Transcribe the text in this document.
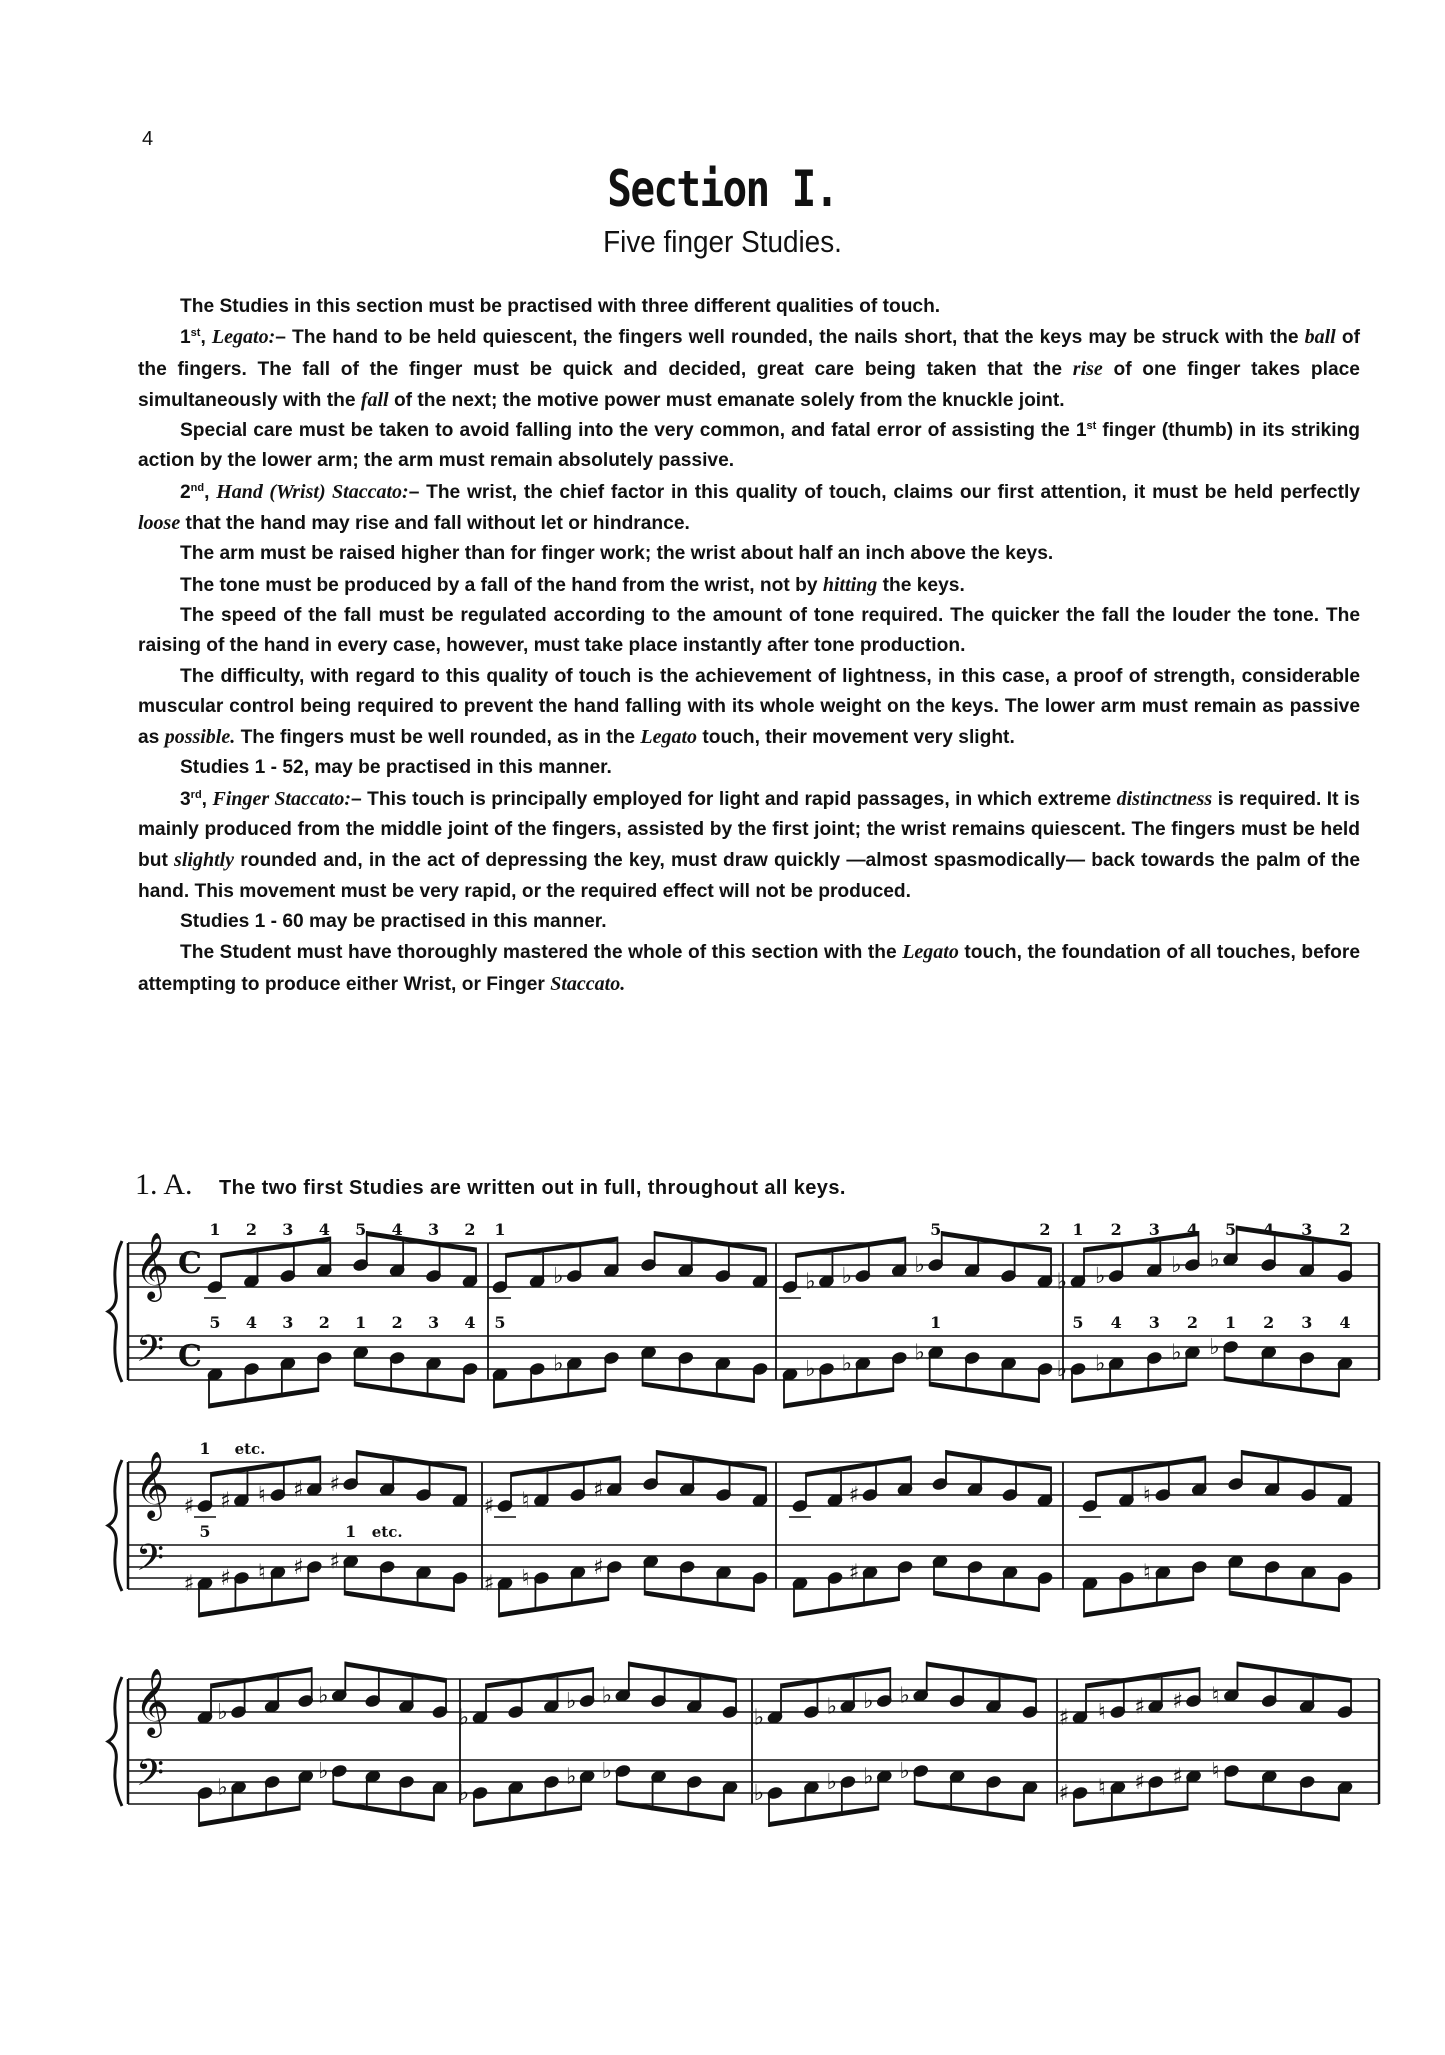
4
Section I.
Five finger Studies.

The Studies in this section must be practised with three different qualities of touch.

1st, Legato:– The hand to be held quiescent, the fingers well rounded, the nails short, that the keys may be struck with the ball of the fingers. The fall of the finger must be quick and decided, great care being taken that the rise of one finger takes place simultaneously with the fall of the next; the motive power must emanate solely from the knuckle joint.

Special care must be taken to avoid falling into the very common, and fatal error of assisting the 1st finger (thumb) in its striking action by the lower arm; the arm must remain absolutely passive.

2nd, Hand (Wrist) Staccato:– The wrist, the chief factor in this quality of touch, claims our first attention, it must be held perfectly loose that the hand may rise and fall without let or hindrance.

The arm must be raised higher than for finger work; the wrist about half an inch above the keys.

The tone must be produced by a fall of the hand from the wrist, not by hitting the keys.

The speed of the fall must be regulated according to the amount of tone required. The quicker the fall the louder the tone. The raising of the hand in every case, however, must take place instantly after tone production.

The difficulty, with regard to this quality of touch is the achievement of lightness, in this case, a proof of strength, considerable muscular control being required to prevent the hand falling with its whole weight on the keys. The lower arm must remain as passive as possible. The fingers must be well rounded, as in the Legato touch, their movement very slight.

Studies 1 - 52, may be practised in this manner.

3rd, Finger Staccato:– This touch is principally employed for light and rapid passages, in which extreme distinctness is required. It is mainly produced from the middle joint of the fingers, assisted by the first joint; the wrist remains quiescent. The fingers must be held but slightly rounded and, in the act of depressing the key, must draw quickly —almost spasmodically— back towards the palm of the hand. This movement must be very rapid, or the required effect will not be produced.

Studies 1 - 60 may be practised in this manner.

The Student must have thoroughly mastered the whole of this section with the Legato touch, the foundation of all touches, before attempting to produce either Wrist, or Finger Staccato.

1. A. The two first Studies are written out in full, throughout all keys.
𝄞
𝄢
C
C
1 2 3 4 5 4 3 2
5 4 3 2 1 2 3 4
1
♭
5
♭
♭ ♭	♭
5	2
♭ ♭	♭
1
♭
1
♭
2 3
♭
4
♭
5 4 3 2
♭
5
♭
4 3
♭
2
♭
1 2 3 4
𝄞
𝄢
♯
1
♯ ♮ ♯ ♯
etc.
♯
5
♯ ♮ ♯ ♯
1 etc.
♯ ♮	♯
♯ ♮	♯
♯
♯
♮
♮
𝄞
𝄢
♭
♭
♭
♭
♭
♭ ♭
♭
♭ ♭
♭	♭ ♭ ♭
♭	♭ ♭ ♭
♯ ♮ ♯ ♯ ♮
♯ ♮ ♯ ♯ ♮
